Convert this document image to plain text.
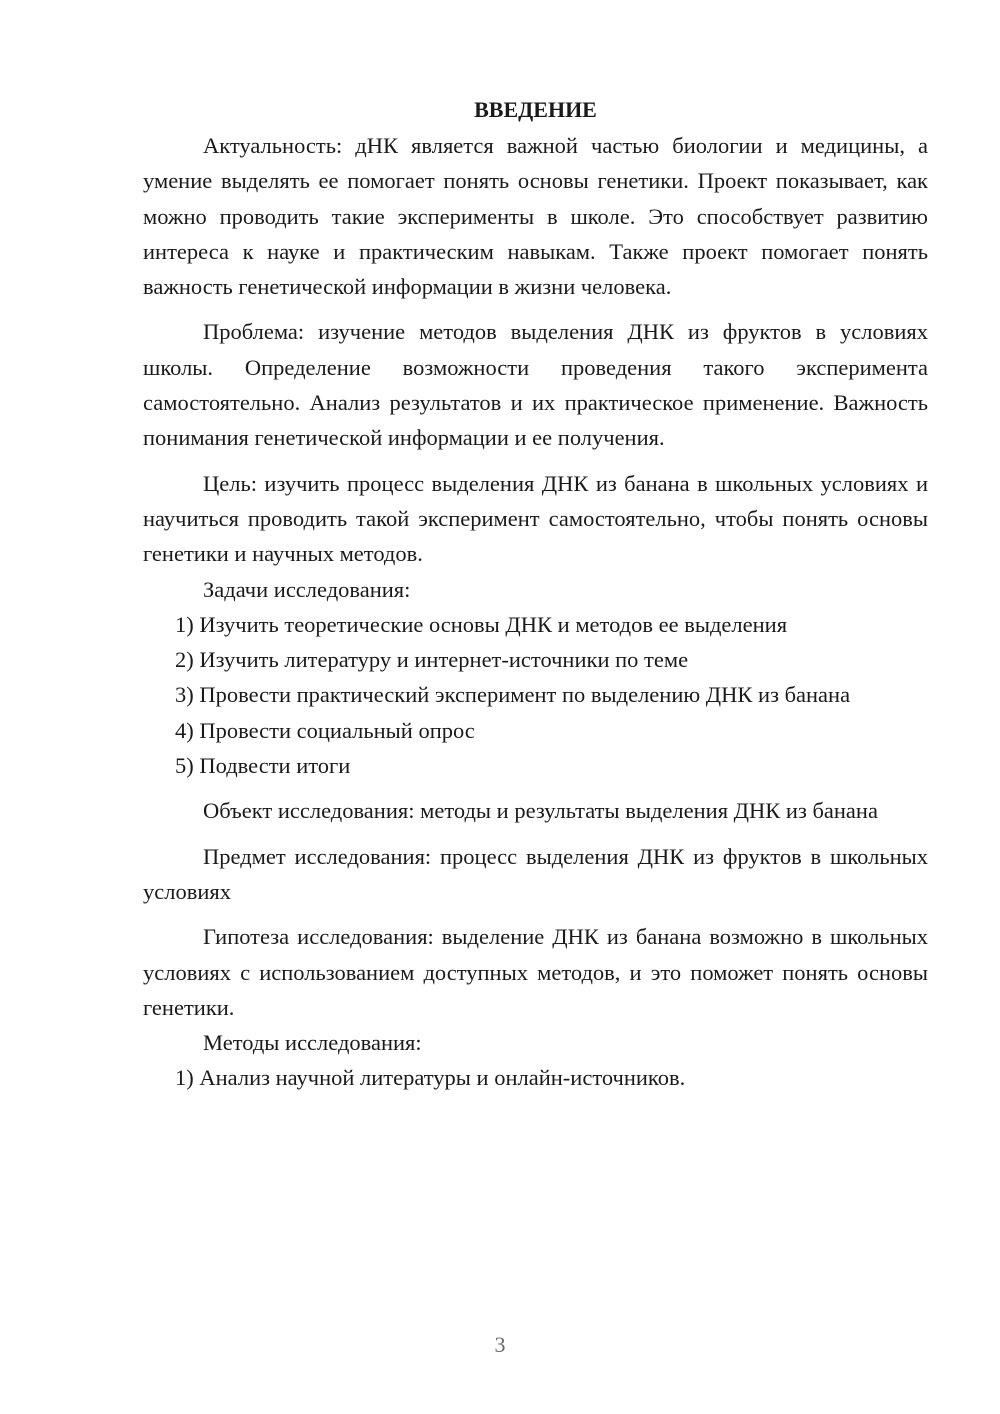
ВВЕДЕНИЕ

Актуальность: дНК является важной частью биологии и медицины, а умение выделять ее помогает понять основы генетики. Проект показывает, как можно проводить такие эксперименты в школе. Это способствует развитию интереса к науке и практическим навыкам. Также проект помогает понять важность генетической информации в жизни человека.

Проблема: изучение методов выделения ДНК из фруктов в условиях школы. Определение возможности проведения такого эксперимента самостоятельно. Анализ результатов и их практическое применение. Важность понимания генетической информации и ее получения.

Цель: изучить процесс выделения ДНК из банана в школьных условиях и научиться проводить такой эксперимент самостоятельно, чтобы понять основы генетики и научных методов.

Задачи исследования:

1) Изучить теоретические основы ДНК и методов ее выделения

2) Изучить литературу и интернет-источники по теме

3) Провести практический эксперимент по выделению ДНК из банана

4) Провести социальный опрос

5) Подвести итоги

Объект исследования: методы и результаты выделения ДНК из банана

Предмет исследования: процесс выделения ДНК из фруктов в школьных условиях

Гипотеза исследования: выделение ДНК из банана возможно в школьных условиях с использованием доступных методов, и это поможет понять основы генетики.

Методы исследования:

1) Анализ научной литературы и онлайн-источников.

3
